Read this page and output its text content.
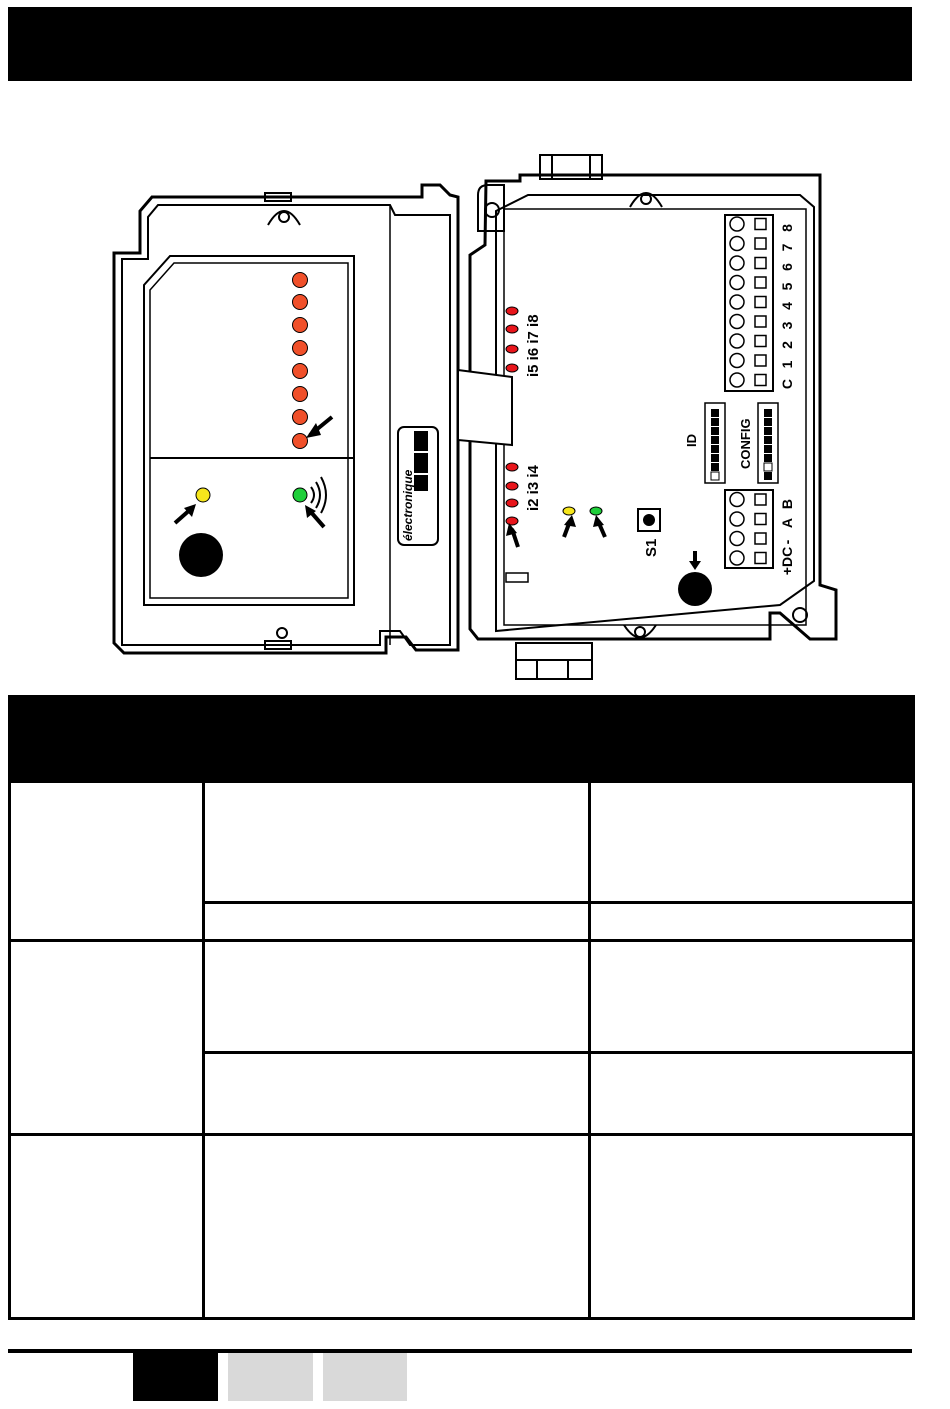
électronique
i5 i6 i7 i8
i2 i3 i4
S1
ID	CONFIG
C
1
2
3
4
5
6
7
8
+DC
-
A
B
